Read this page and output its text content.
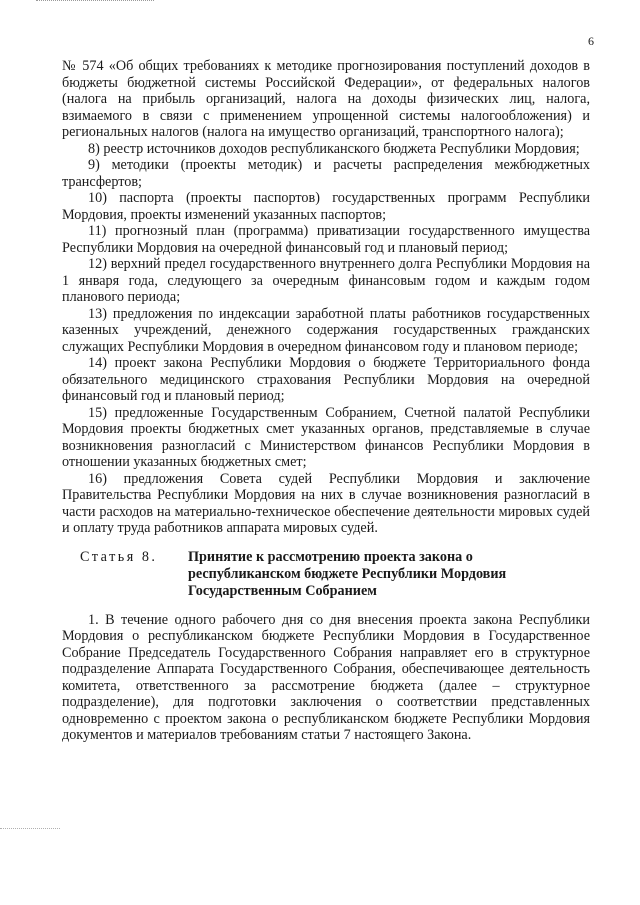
6

№ 574 «Об общих требованиях к методике прогнозирования поступлений доходов в бюджеты бюджетной системы Российской Федерации», от федеральных налогов (налога на прибыль организаций, налога на доходы физических лиц, налога, взимаемого в связи с применением упрощенной системы налогообложения) и региональных налогов (налога на имущество организаций, транспортного налога);

8) реестр источников доходов республиканского бюджета Республики Мордовия;

9) методики (проекты методик) и расчеты распределения межбюджетных трансфертов;

10) паспорта (проекты паспортов) государственных программ Республики Мордовия, проекты изменений указанных паспортов;

11) прогнозный план (программа) приватизации государственного имущества Республики Мордовия на очередной финансовый год и плановый период;

12) верхний предел государственного внутреннего долга Республики Мордовия на 1 января года, следующего за очередным финансовым годом и каждым годом планового периода;

13) предложения по индексации заработной платы работников государственных казенных учреждений, денежного содержания государственных гражданских служащих Республики Мордовия в очередном финансовом году и плановом периоде;

14) проект закона Республики Мордовия о бюджете Территориального фонда обязательного медицинского страхования Республики Мордовия на очередной финансовый год и плановый период;

15) предложенные Государственным Собранием, Счетной палатой Республики Мордовия проекты бюджетных смет указанных органов, представляемые в случае возникновения разногласий с Министерством финансов Республики Мордовия в отношении указанных бюджетных смет;

16) предложения Совета судей Республики Мордовия и заключение Правительства Республики Мордовия на них в случае возникновения разногласий в части расходов на материально-техническое обеспечение деятельности мировых судей и оплату труда работников аппарата мировых судей.

Статья 8.	Принятие к рассмотрению проекта закона о
республиканском бюджете Республики Мордовия
Государственным Собранием

1. В течение одного рабочего дня со дня внесения проекта закона Республики Мордовия о республиканском бюджете Республики Мордовия в Государственное Собрание Председатель Государственного Собрания направляет его в структурное подразделение Аппарата Государственного Собрания, обеспечивающее деятельность комитета, ответственного за рассмотрение бюджета (далее – структурное подразделение), для подготовки заключения о соответствии представленных одновременно с проектом закона о республиканском бюджете Республики Мордовия документов и материалов требованиям статьи 7 настоящего Закона.
